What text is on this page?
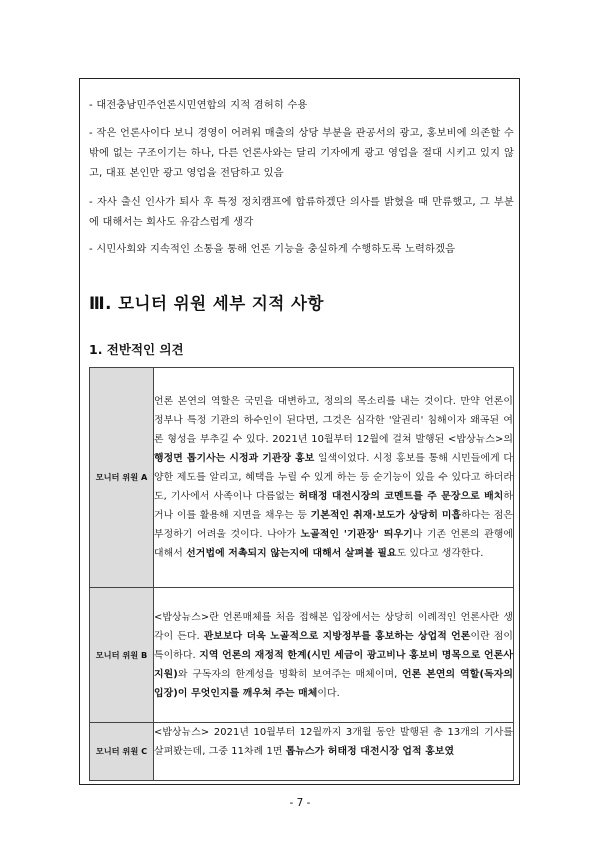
- 대전충남민주언론시민연합의 지적 겸허히 수용
- 작은 언론사이다 보니 경영이 어려워 매출의 상당 부분을 관공서의 광고, 홍보비에 의존할 수밖에 없는 구조이기는 하나, 다른 언론사와는 달리 기자에게 광고 영업을 절대 시키고 있지 않고, 대표 본인만 광고 영업을 전담하고 있음
- 자사 출신 인사가 퇴사 후 특정 정치캠프에 합류하겠단 의사를 밝혔을 때 만류했고, 그 부분에 대해서는 회사도 유감스럽게 생각
- 시민사회와 지속적인 소통을 통해 언론 기능을 충실하게 수행하도록 노력하겠음
Ⅲ. 모니터 위원 세부 지적 사항
1. 전반적인 의견
모니터 위원 A	언론 본연의 역할은 국민을 대변하고, 정의의 목소리를 내는 것이다. 만약 언론이 정부나 특정 기관의 하수인이 된다면, 그것은 심각한 '알권리' 침해이자 왜곡된 여론 형성을 부추길 수 있다. 2021년 10월부터 12월에 걸쳐 발행된 <밥상뉴스>의 행정면 톱기사는 시정과 기관장 홍보 일색이었다. 시정 홍보를 통해 시민들에게 다양한 제도를 알리고, 혜택을 누릴 수 있게 하는 등 순기능이 있을 수 있다고 하더라도, 기사에서 사족이나 다름없는 허태정 대전시장의 코멘트를 주 문장으로 배치하거나 이를 활용해 지면을 채우는 등 기본적인 취재·보도가 상당히 미흡하다는 점은 부정하기 어려울 것이다. 나아가 노골적인 '기관장' 띄우기나 기존 언론의 관행에 대해서 선거법에 저촉되지 않는지에 대해서 살펴볼 필요도 있다고 생각한다.
모니터 위원 B	<밥상뉴스>란 언론매체를 처음 접해본 입장에서는 상당히 이례적인 언론사란 생각이 든다. 관보보다 더욱 노골적으로 지방정부를 홍보하는 상업적 언론이란 점이 특이하다. 지역 언론의 재정적 한계(시민 세금이 광고비나 홍보비 명목으로 언론사 지원)와 구독자의 한계성을 명확히 보여주는 매체이며, 언론 본연의 역할(독자의 입장)이 무엇인지를 깨우쳐 주는 매체이다.
모니터 위원 C	<밥상뉴스> 2021년 10월부터 12월까지 3개월 동안 발행된 총 13개의 기사를 살펴봤는데, 그중 11차례 1면 톱뉴스가 허태정 대전시장 업적 홍보였
- 7 -
